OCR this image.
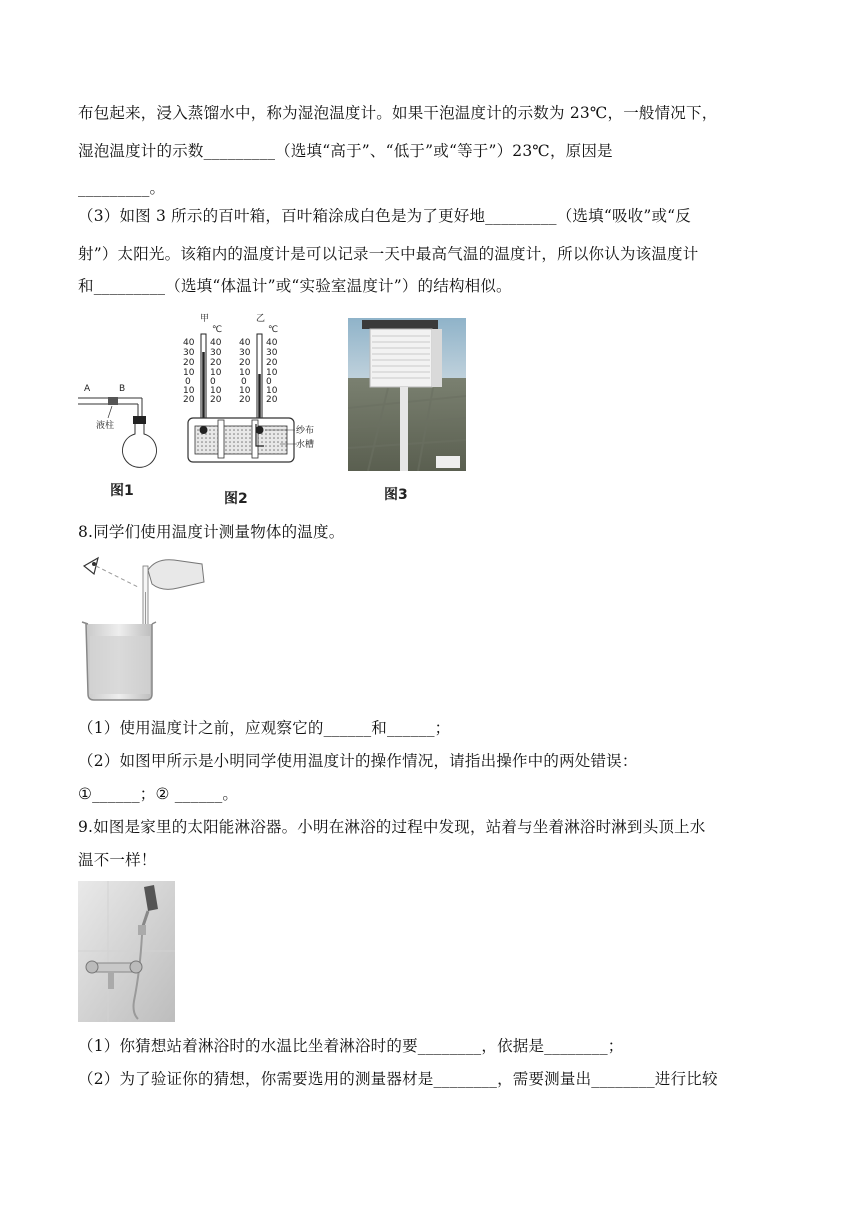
布包起来，浸入蒸馏水中，称为湿泡温度计。如果干泡温度计的示数为 23℃，一般情况下，
湿泡温度计的示数_________（选填“高于”、“低于”或“等于”）23℃，原因是
_________。
（3）如图 3 所示的百叶箱，百叶箱涂成白色是为了更好地_________（选填“吸收”或“反
射”）太阳光。该箱内的温度计是可以记录一天中最高气温的温度计，所以你认为该温度计
和_________（选填“体温计”或“实验室温度计”）的结构相似。
A	B
液柱
图1
甲
℃
40 40
30 30
20 20
10 10
0 0
10 10
20 20
乙
℃
40 40
30 30
20 20
10 10
0 0
10 10
20 20
纱布
水槽
图2	图3
8.同学们使用温度计测量物体的温度。
（1）使用温度计之前，应观察它的______和______；
（2）如图甲所示是小明同学使用温度计的操作情况，请指出操作中的两处错误：
①______；② ______。
9.如图是家里的太阳能淋浴器。小明在淋浴的过程中发现，站着与坐着淋浴时淋到头顶上水
温不一样！
（1）你猜想站着淋浴时的水温比坐着淋浴时的要________，依据是________；
（2）为了验证你的猜想，你需要选用的测量器材是________，需要测量出________进行比较
